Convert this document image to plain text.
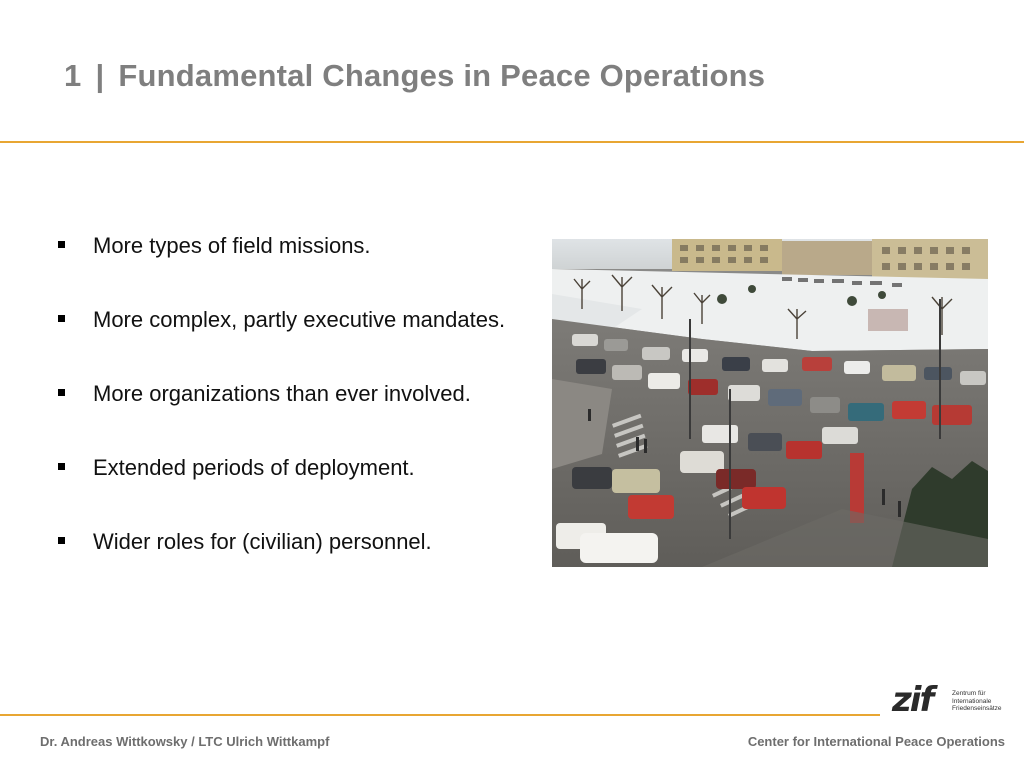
1 | Fundamental Changes in Peace Operations
More types of field missions.
More complex, partly executive mandates.
More organizations than ever involved.
Extended periods of deployment.
Wider roles for (civilian) personnel.
zif	Zentrum für
Internationale
Friedenseinsätze
Dr. Andreas Wittkowsky / LTC Ulrich Wittkampf	Center for International Peace Operations
